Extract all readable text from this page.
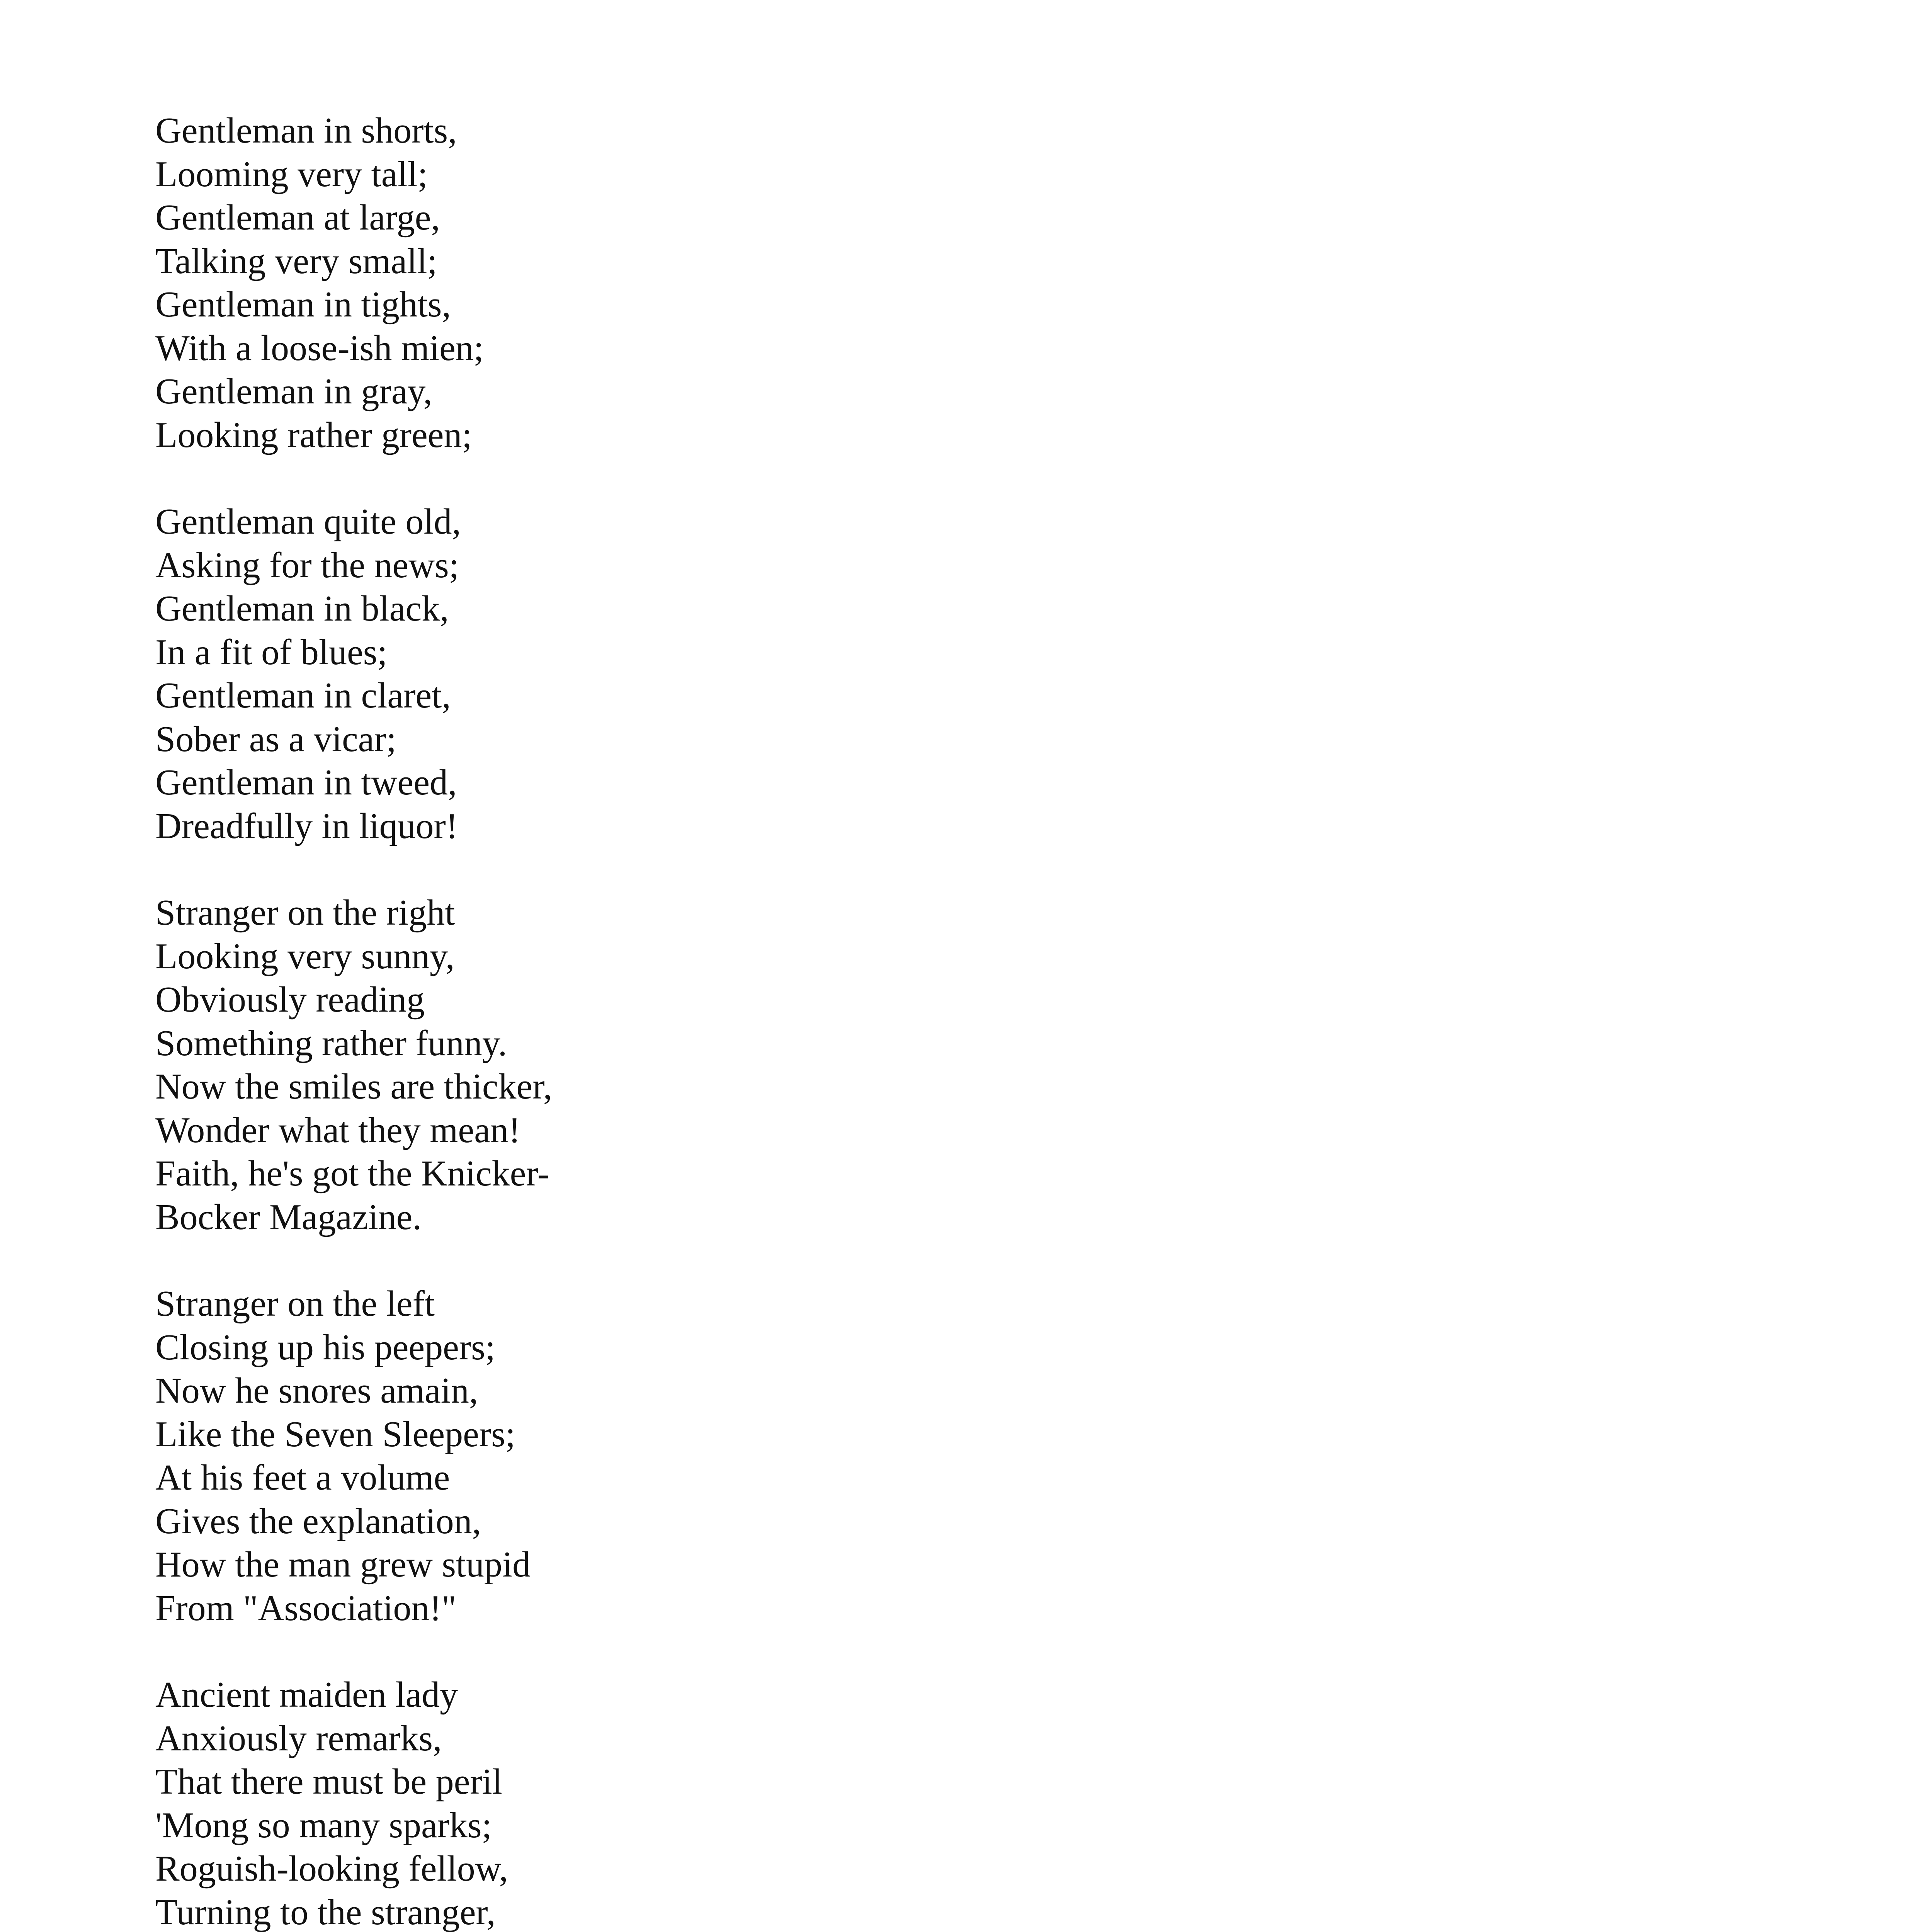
Gentleman in shorts,
Looming very tall;
Gentleman at large,
Talking very small;
Gentleman in tights,
With a loose-ish mien;
Gentleman in gray,
Looking rather green;
Gentleman quite old,
Asking for the news;
Gentleman in black,
In a fit of blues;
Gentleman in claret,
Sober as a vicar;
Gentleman in tweed,
Dreadfully in liquor!
Stranger on the right
Looking very sunny,
Obviously reading
Something rather funny.
Now the smiles are thicker,
Wonder what they mean!
Faith, he's got the Knicker-
Bocker Magazine.
Stranger on the left
Closing up his peepers;
Now he snores amain,
Like the Seven Sleepers;
At his feet a volume
Gives the explanation,
How the man grew stupid
From "Association!"
Ancient maiden lady
Anxiously remarks,
That there must be peril
'Mong so many sparks;
Roguish-looking fellow,
Turning to the stranger,
